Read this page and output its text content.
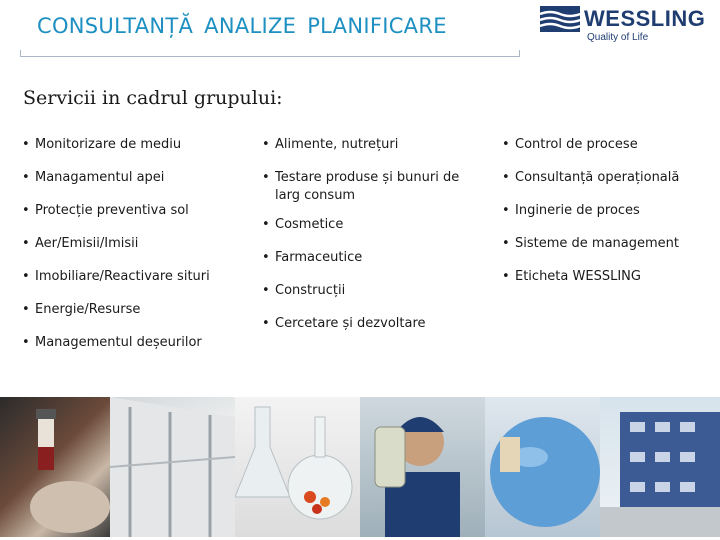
CONSULTANȚĂ ANALIZE PLANIFICARE	WESSLING
Quality of Life
Servicii in cadrul grupului:
• Monitorizare de mediu
• Managamentul apei
• Protecție preventiva sol
• Aer/Emisii/Imisii
• Imobiliare/Reactivare situri
• Energie/Resurse
• Managementul deșeurilor
• Alimente, nutrețuri
• Testare produse și bunuri de larg consum
• Cosmetice
• Farmaceutice
• Construcții
• Cercetare și dezvoltare
• Control de procese
• Consultanță operațională
• Inginerie de proces
• Sisteme de management
• Eticheta WESSLING
